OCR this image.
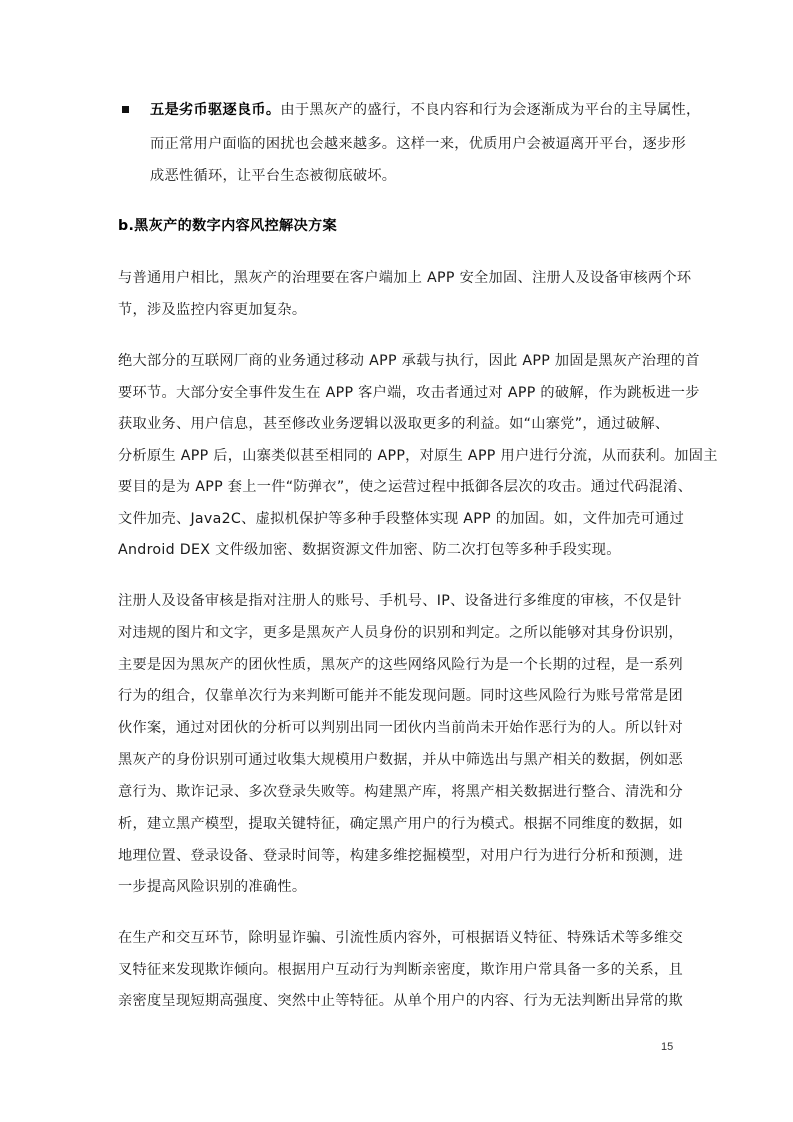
五是劣币驱逐良币。由于黑灰产的盛行，不良内容和行为会逐渐成为平台的主导属性，
而正常用户面临的困扰也会越来越多。这样一来，优质用户会被逼离开平台，逐步形
成恶性循环，让平台生态被彻底破坏。
b.黑灰产的数字内容风控解决方案
与普通用户相比，黑灰产的治理要在客户端加上 APP 安全加固、注册人及设备审核两个环
节，涉及监控内容更加复杂。
绝大部分的互联网厂商的业务通过移动 APP 承载与执行，因此 APP 加固是黑灰产治理的首
要环节。大部分安全事件发生在 APP 客户端，攻击者通过对 APP 的破解，作为跳板进一步
获取业务、用户信息，甚至修改业务逻辑以汲取更多的利益。如“山寨党”，通过破解、
分析原生 APP 后，山寨类似甚至相同的 APP，对原生 APP 用户进行分流，从而获利。加固主
要目的是为 APP 套上一件“防弹衣”，使之运营过程中抵御各层次的攻击。通过代码混淆、
文件加壳、Java2C、虚拟机保护等多种手段整体实现 APP 的加固。如，文件加壳可通过
Android DEX 文件级加密、数据资源文件加密、防二次打包等多种手段实现。
注册人及设备审核是指对注册人的账号、手机号、IP、设备进行多维度的审核，不仅是针
对违规的图片和文字，更多是黑灰产人员身份的识别和判定。之所以能够对其身份识别，
主要是因为黑灰产的团伙性质，黑灰产的这些网络风险行为是一个长期的过程，是一系列
行为的组合，仅靠单次行为来判断可能并不能发现问题。同时这些风险行为账号常常是团
伙作案，通过对团伙的分析可以判别出同一团伙内当前尚未开始作恶行为的人。所以针对
黑灰产的身份识别可通过收集大规模用户数据，并从中筛选出与黑产相关的数据，例如恶
意行为、欺诈记录、多次登录失败等。构建黑产库，将黑产相关数据进行整合、清洗和分
析，建立黑产模型，提取关键特征，确定黑产用户的行为模式。根据不同维度的数据，如
地理位置、登录设备、登录时间等，构建多维挖掘模型，对用户行为进行分析和预测，进
一步提高风险识别的准确性。
在生产和交互环节，除明显诈骗、引流性质内容外，可根据语义特征、特殊话术等多维交
叉特征来发现欺诈倾向。根据用户互动行为判断亲密度，欺诈用户常具备一多的关系，且
亲密度呈现短期高强度、突然中止等特征。从单个用户的内容、行为无法判断出异常的欺
15
